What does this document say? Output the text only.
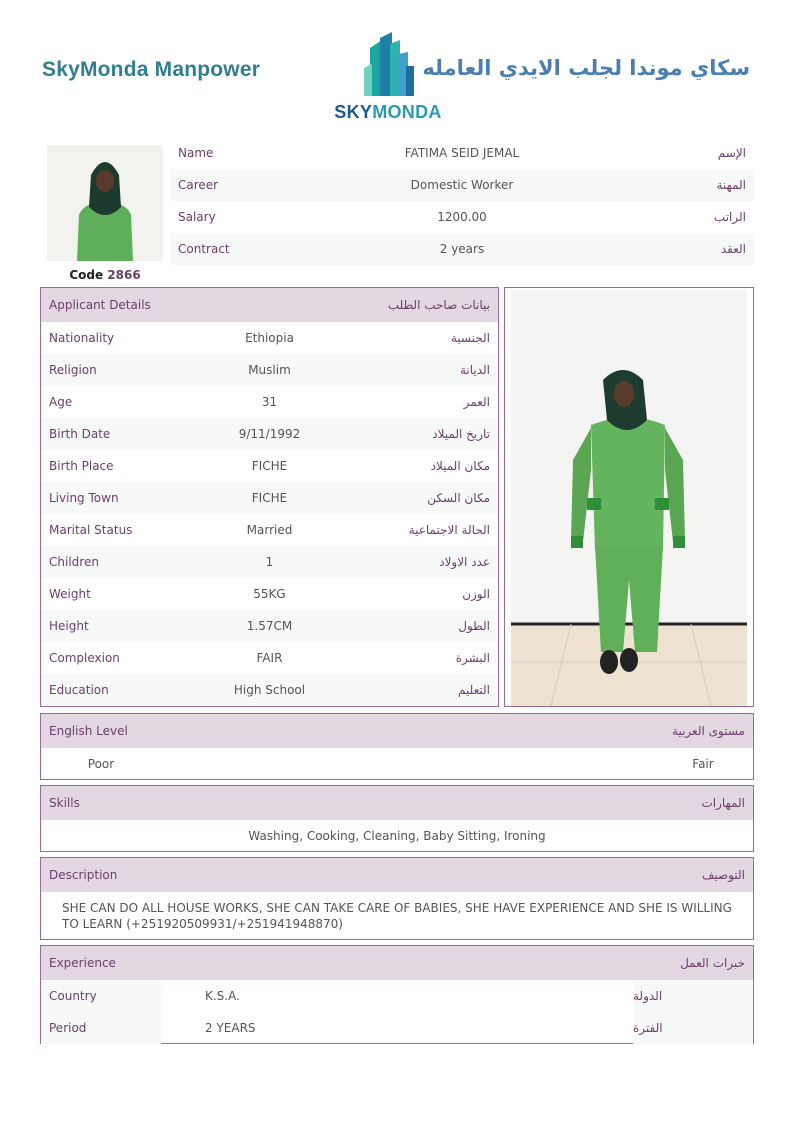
SkyMonda Manpower
SKYMONDA
سكاي موندا لجلب الايدي العامله
Code 2866
Name	FATIMA SEID JEMAL	الإسم
Career	Domestic Worker	المهنة
Salary	1200.00	الراتب
Contract	2 years	العقد
Applicant Details	بيانات صاحب الطلب
Nationality	Ethiopia	الجنسية
Religion	Muslim	الديانة
Age	31	العمر
Birth Date	9/11/1992	تاريخ الميلاد
Birth Place	FICHE	مكان الميلاد
Living Town	FICHE	مكان السكن
Marital Status	Married	الحالة الاجتماعية
Children	1	عدد الاولاد
Weight	55KG	الوزن
Height	1.57CM	الطول
Complexion	FAIR	البشرة
Education	High School	التعليم
English Level	مستوى العربية
Poor	Fair
Skills	المهارات
Washing, Cooking, Cleaning, Baby Sitting, Ironing
Description	التوصيف
SHE CAN DO ALL HOUSE WORKS, SHE CAN TAKE CARE OF BABIES, SHE HAVE EXPERIENCE AND SHE IS WILLING TO LEARN (+251920509931/+251941948870)
Experience	خبرات العمل
Country	K.S.A.	الدولة
Period	2 YEARS	الفترة
